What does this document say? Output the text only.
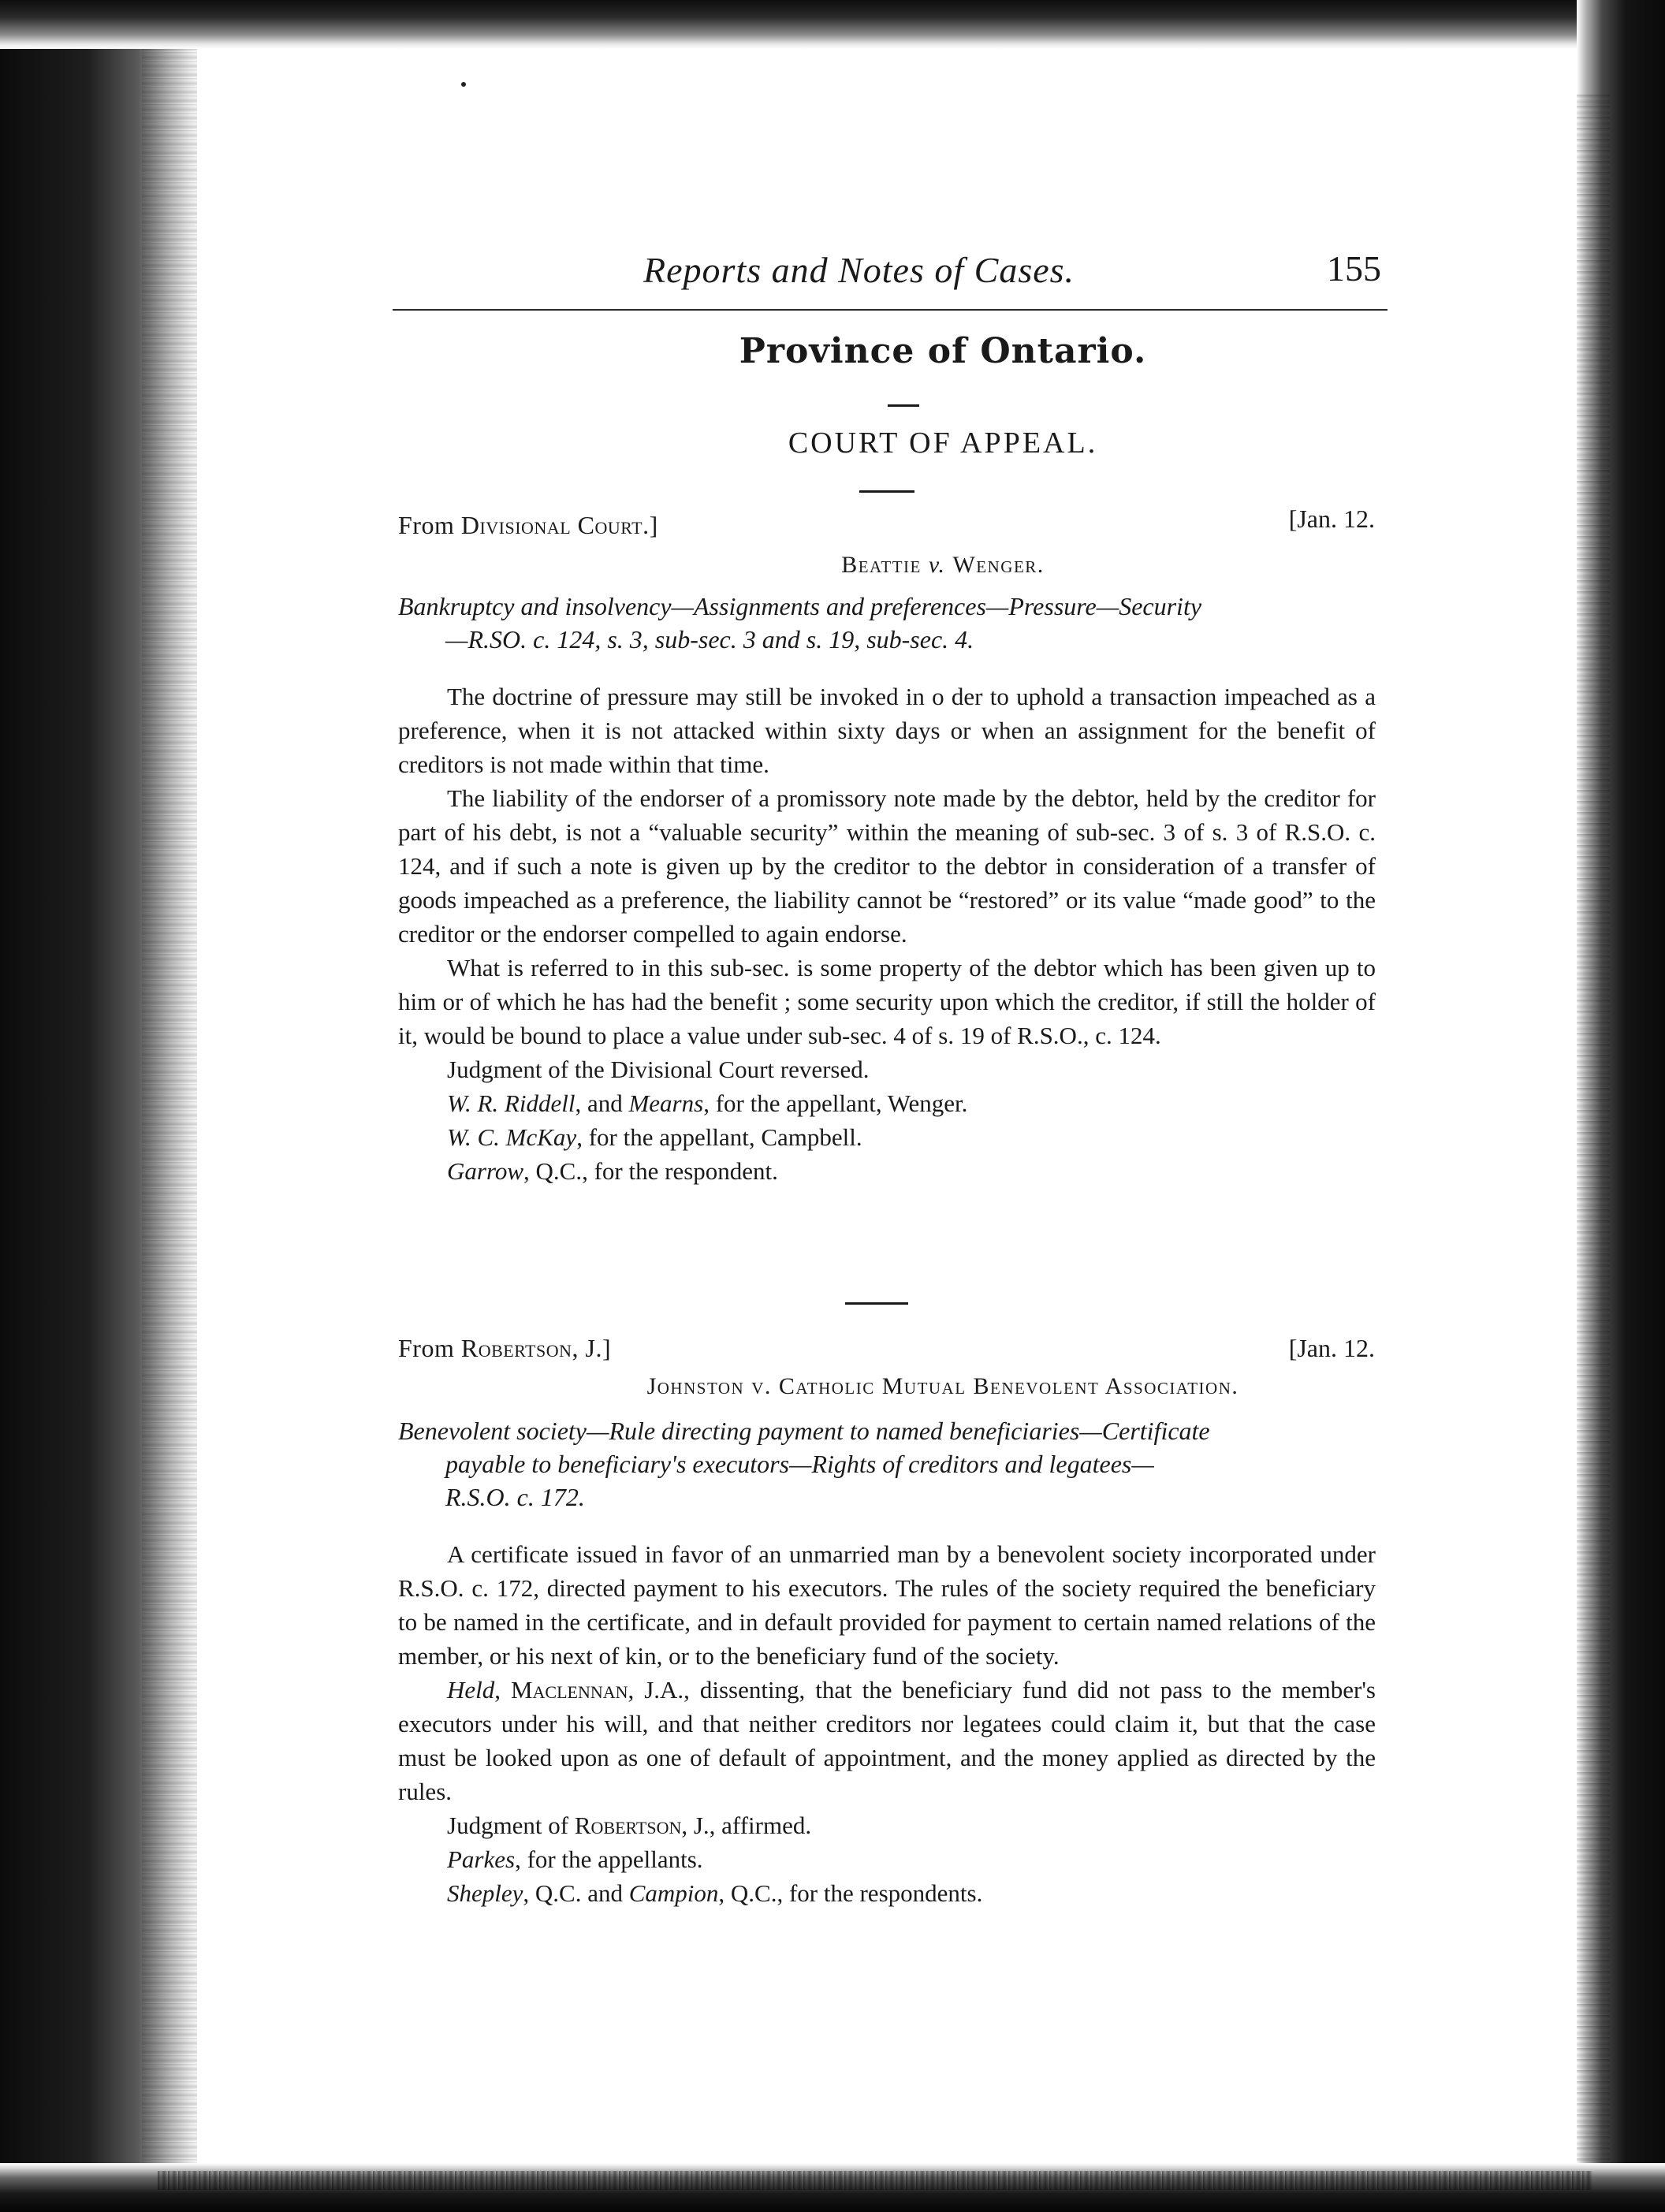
Reports and Notes of Cases.	155
Province of Ontario.
COURT OF APPEAL.
From Divisional Court.]	[Jan. 12.
Beattie v. Wenger.
Bankruptcy and insolvency—Assignments and preferences—Pressure—Security
—R.SO. c. 124, s. 3, sub-sec. 3 and s. 19, sub-sec. 4.

The doctrine of pressure may still be invoked in o der to uphold a transaction impeached as a preference, when it is not attacked within sixty days or when an assignment for the benefit of creditors is not made within that time.

The liability of the endorser of a promissory note made by the debtor, held by the creditor for part of his debt, is not a “valuable security” within the meaning of sub-sec. 3 of s. 3 of R.S.O. c. 124, and if such a note is given up by the creditor to the debtor in consideration of a transfer of goods impeached as a preference, the liability cannot be “restored” or its value “made good” to the creditor or the endorser compelled to again endorse.

What is referred to in this sub-sec. is some property of the debtor which has been given up to him or of which he has had the benefit ; some security upon which the creditor, if still the holder of it, would be bound to place a value under sub-sec. 4 of s. 19 of R.S.O., c. 124.

Judgment of the Divisional Court reversed.

W. R. Riddell, and Mearns, for the appellant, Wenger.

W. C. McKay, for the appellant, Campbell.

Garrow, Q.C., for the respondent.

From Robertson, J.]	[Jan. 12.
Johnston v. Catholic Mutual Benevolent Association.
Benevolent society—Rule directing payment to named beneficiaries—Certificate
payable to beneficiary's executors—Rights of creditors and legatees—
R.S.O. c. 172.

A certificate issued in favor of an unmarried man by a benevolent society incorporated under R.S.O. c. 172, directed payment to his executors. The rules of the society required the beneficiary to be named in the certificate, and in default provided for payment to certain named relations of the member, or his next of kin, or to the beneficiary fund of the society.

Held, Maclennan, J.A., dissenting, that the beneficiary fund did not pass to the member's executors under his will, and that neither creditors nor legatees could claim it, but that the case must be looked upon as one of default of appointment, and the money applied as directed by the rules.

Judgment of Robertson, J., affirmed.

Parkes, for the appellants.

Shepley, Q.C. and Campion, Q.C., for the respondents.
